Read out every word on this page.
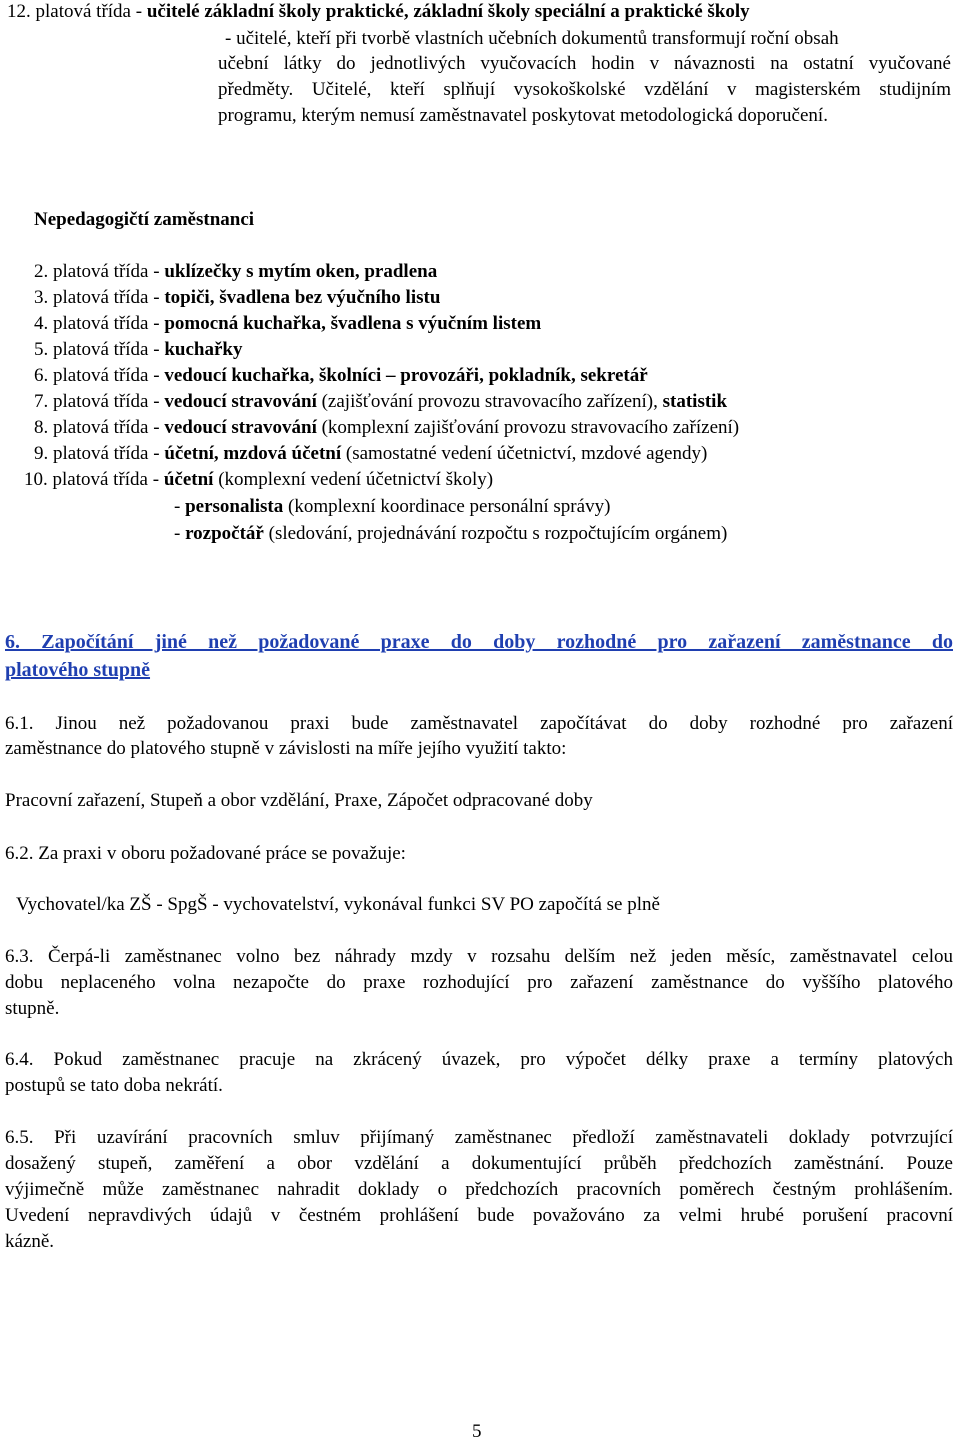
12. platová třída - učitelé základní školy praktické, základní školy speciální a praktické školy
- učitelé, kteří při tvorbě vlastních učebních dokumentů transformují roční obsah
učební látky do jednotlivých vyučovacích hodin v návaznosti na ostatní vyučované
předměty. Učitelé, kteří splňují vysokoškolské vzdělání v magisterském studijním
programu, kterým nemusí zaměstnavatel poskytovat metodologická doporučení.
Nepedagogičtí zaměstnanci
2. platová třída - uklízečky s mytím oken, pradlena
3. platová třída - topiči, švadlena bez výučního listu
4. platová třída - pomocná kuchařka, švadlena s výučním listem
5. platová třída - kuchařky
6. platová třída - vedoucí kuchařka, školníci – provozáři, pokladník, sekretář
7. platová třída - vedoucí stravování (zajišťování provozu stravovacího zařízení), statistik
8. platová třída - vedoucí stravování (komplexní zajišťování provozu stravovacího zařízení)
9. platová třída - účetní, mzdová účetní (samostatné vedení účetnictví, mzdové agendy)
10. platová třída - účetní (komplexní vedení účetnictví školy)
- personalista (komplexní koordinace personální správy)
- rozpočtář (sledování, projednávání rozpočtu s rozpočtujícím orgánem)
6. Započítání jiné než požadované praxe do doby rozhodné pro zařazení zaměstnance do
platového stupně
6.1. Jinou než požadovanou praxi bude zaměstnavatel započítávat do doby rozhodné pro zařazení
zaměstnance do platového stupně v závislosti na míře jejího využití takto:
Pracovní zařazení, Stupeň a obor vzdělání, Praxe, Zápočet odpracované doby
6.2. Za praxi v oboru požadované práce se považuje:
Vychovatel/ka ZŠ - SpgŠ - vychovatelství, vykonával funkci SV PO započítá se plně
6.3. Čerpá-li zaměstnanec volno bez náhrady mzdy v rozsahu delším než jeden měsíc, zaměstnavatel celou
dobu neplaceného volna nezapočte do praxe rozhodující pro zařazení zaměstnance do vyššího platového
stupně.
6.4. Pokud zaměstnanec pracuje na zkrácený úvazek, pro výpočet délky praxe a termíny platových
postupů se tato doba nekrátí.
6.5. Při uzavírání pracovních smluv přijímaný zaměstnanec předloží zaměstnavateli doklady potvrzující
dosažený stupeň, zaměření a obor vzdělání a dokumentující průběh předchozích zaměstnání. Pouze
výjimečně může zaměstnanec nahradit doklady o předchozích pracovních poměrech čestným prohlášením.
Uvedení nepravdivých údajů v čestném prohlášení bude považováno za velmi hrubé porušení pracovní
kázně.
5
